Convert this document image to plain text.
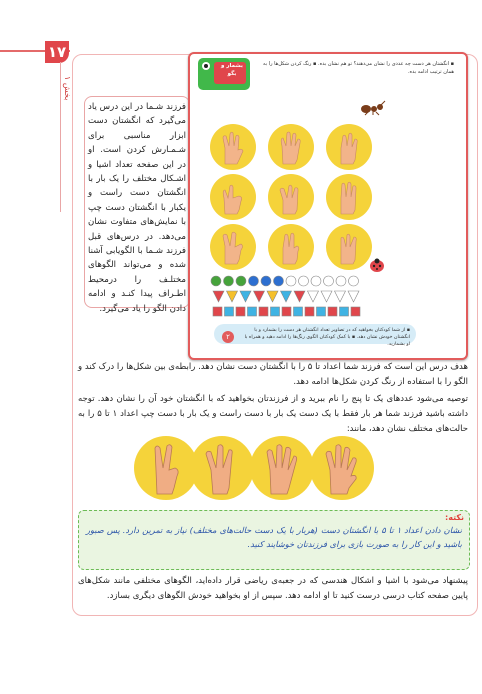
١٧
بخش ١
فرزند شـما در این درس یاد می‌گیرد که انگشتان دست ابزار مناسبی برای شـمـارش کردن است. او در این صفحه تعداد اشیا و اشـکال مختلف را یک بار با انگشتان دست راست و یکبار با انگشتان دست چپ با نمایش‌های متفاوت نشان می‌دهد. در درس‌های قبل فرزند شـما با الگویابی آشنا شده و می‌تواند الگوهای مختلـف را درمحیط اطـراف پیدا کنـد و ادامه دادن الگو را یاد می‌گیرد.
بشمار و بگو
▪ انگشتان هر دست چه عددی را نشان می‌دهند؟ تو هم نشان بده. ▪ رنگ کردن شکل‌ها را به همان ترتیب ادامه بده.
٢
▪ از شما کودکتان بخواهید که در تصاویر تعداد انگشتان هر دست را بشمارد و با انگشتان خودش نشان دهد. ▪ با کمک کودکتان الگوی رنگ‌ها را ادامه دهید و همراه با او بشمارید.
هدف درس این است که فرزند شما اعداد تا ۵ را با انگشتان دست نشان دهد. رابطه‌ی بین شکل‌ها را درک کند و الگو را با استفاده از رنگ کردن شکل‌ها ادامه دهد.
توصیه می‌شود عددهای یک تا پنج را نام ببرید و از فرزندتان بخواهید که با انگشتان خود آن را نشان دهد. توجه داشته باشید فرزند شما هر بار فقط با یک دست یک بار با دست راست و یک بار با دست چپ اعداد ۱ تا ۵ را به حالت‌های مختلف نشان دهد، مانند:
نکته:
نشان دادن اعداد ۱ تا ۵ با انگشتان دست (هربار با یک دست حالت‌های مختلف) نیاز به تمرین دارد. پس صبور باشید و این کار را به صورت بازی برای فرزندتان خوشایند کنید.
پیشنهاد می‌شود با اشیا و اشکال هندسی که در جعبه‌ی ریاضی قرار داده‌اید، الگوهای مختلفی مانند شکل‌های پایین صفحه کتاب درسی درست کنید تا او ادامه دهد. سپس از او بخواهید خودش الگوهای دیگری بسازد.
